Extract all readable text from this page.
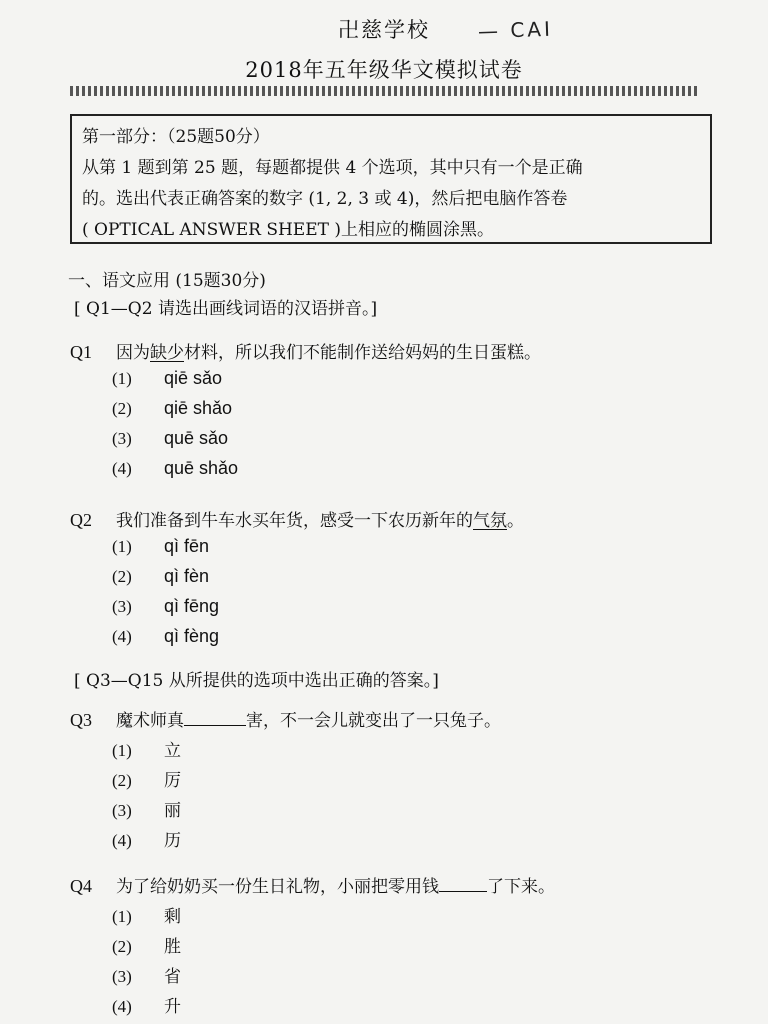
卍慈学校	— CAI
2018年五年级华文模拟试卷
第一部分：（25题50分）
从第 1 题到第 25 题，每题都提供 4 个选项，其中只有一个是正确
的。选出代表正确答案的数字 (1, 2, 3 或 4)，然后把电脑作答卷
( OPTICAL ANSWER SHEET )上相应的椭圆涂黑。
一、语文应用 (15题30分)
[ Q1—Q2 请选出画线词语的汉语拼音。]
Q1 因为缺少材料，所以我们不能制作送给妈妈的生日蛋糕。
(1) qiē sǎo
(2) qiē shǎo
(3) quē sǎo
(4) quē shǎo
Q2 我们准备到牛车水买年货，感受一下农历新年的气氛。
(1) qì fēn
(2) qì fèn
(3) qì fēng
(4) qì fèng
[ Q3—Q15 从所提供的选项中选出正确的答案。]
Q3 魔术师真	害，不一会儿就变出了一只兔子。
(1) 立
(2) 厉
(3) 丽
(4) 历
Q4 为了给奶奶买一份生日礼物，小丽把零用钱	了下来。
(1) 剩
(2) 胜
(3) 省
(4) 升
